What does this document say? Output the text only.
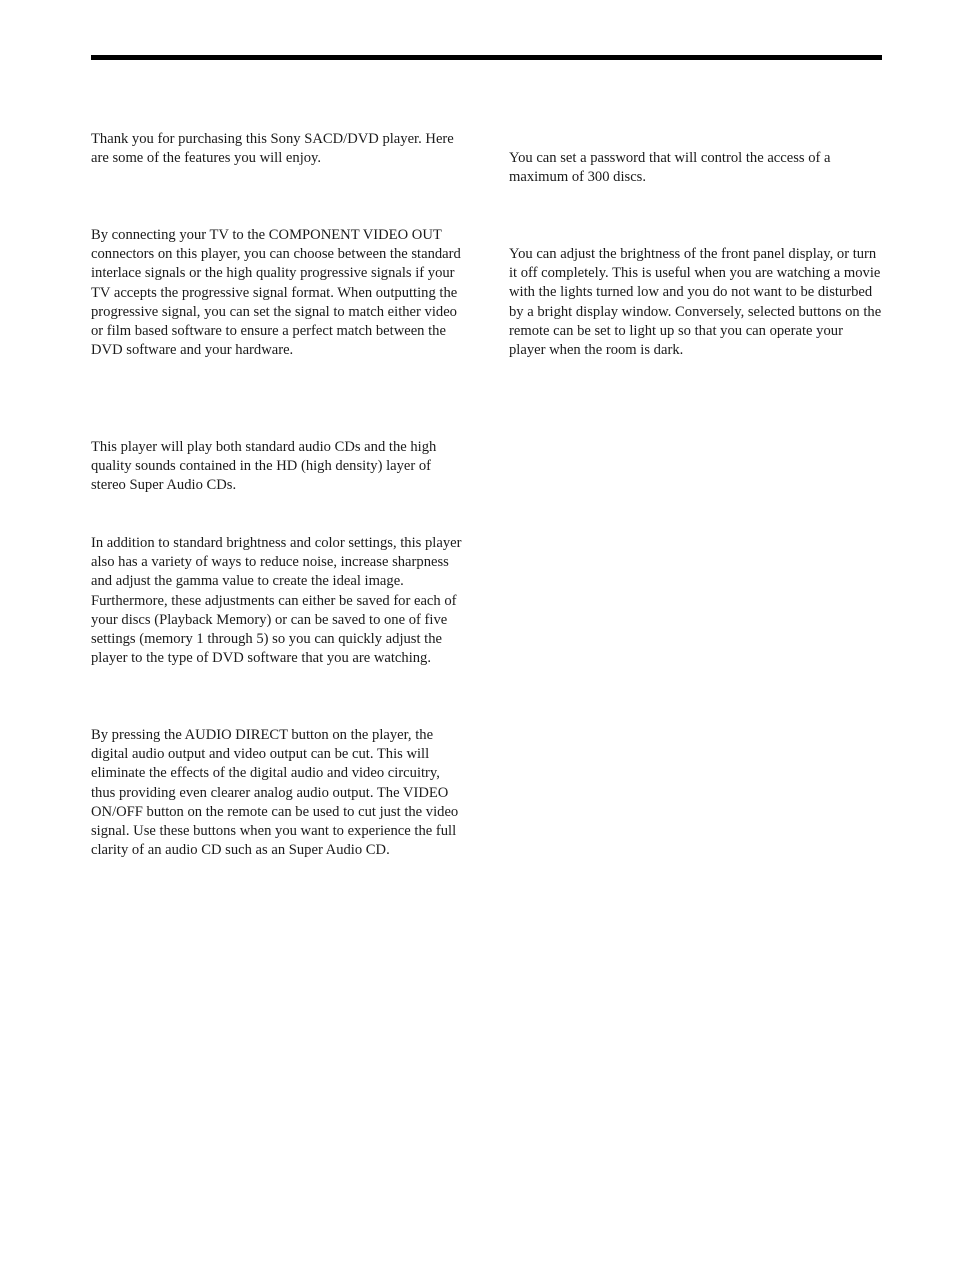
Thank you for purchasing this Sony SACD/DVD player. Here are some of the features you will enjoy.

By connecting your TV to the COMPONENT VIDEO OUT connectors on this player, you can choose between the standard interlace signals or the high quality progressive signals if your TV accepts the progressive signal format. When outputting the progressive signal, you can set the signal to match either video or film based software to ensure a perfect match between the DVD software and your hardware.

This player will play both standard audio CDs and the high quality sounds contained in the HD (high density) layer of stereo Super Audio CDs.

In addition to standard brightness and color settings, this player also has a variety of ways to reduce noise, increase sharpness and adjust the gamma value to create the ideal image. Furthermore, these adjustments can either be saved for each of your discs (Playback Memory) or can be saved to one of five settings (memory 1 through 5) so you can quickly adjust the player to the type of DVD software that you are watching.

By pressing the AUDIO DIRECT button on the player, the digital audio output and video output can be cut. This will eliminate the effects of the digital audio and video circuitry, thus providing even clearer analog audio output. The VIDEO ON/OFF button on the remote can be used to cut just the video signal. Use these buttons when you want to experience the full clarity of an audio CD such as an Super Audio CD.

You can set a password that will control the access of a maximum of 300 discs.

You can adjust the brightness of the front panel display, or turn it off completely. This is useful when you are watching a movie with the lights turned low and you do not want to be disturbed by a bright display window. Conversely, selected buttons on the remote can be set to light up so that you can operate your player when the room is dark.
